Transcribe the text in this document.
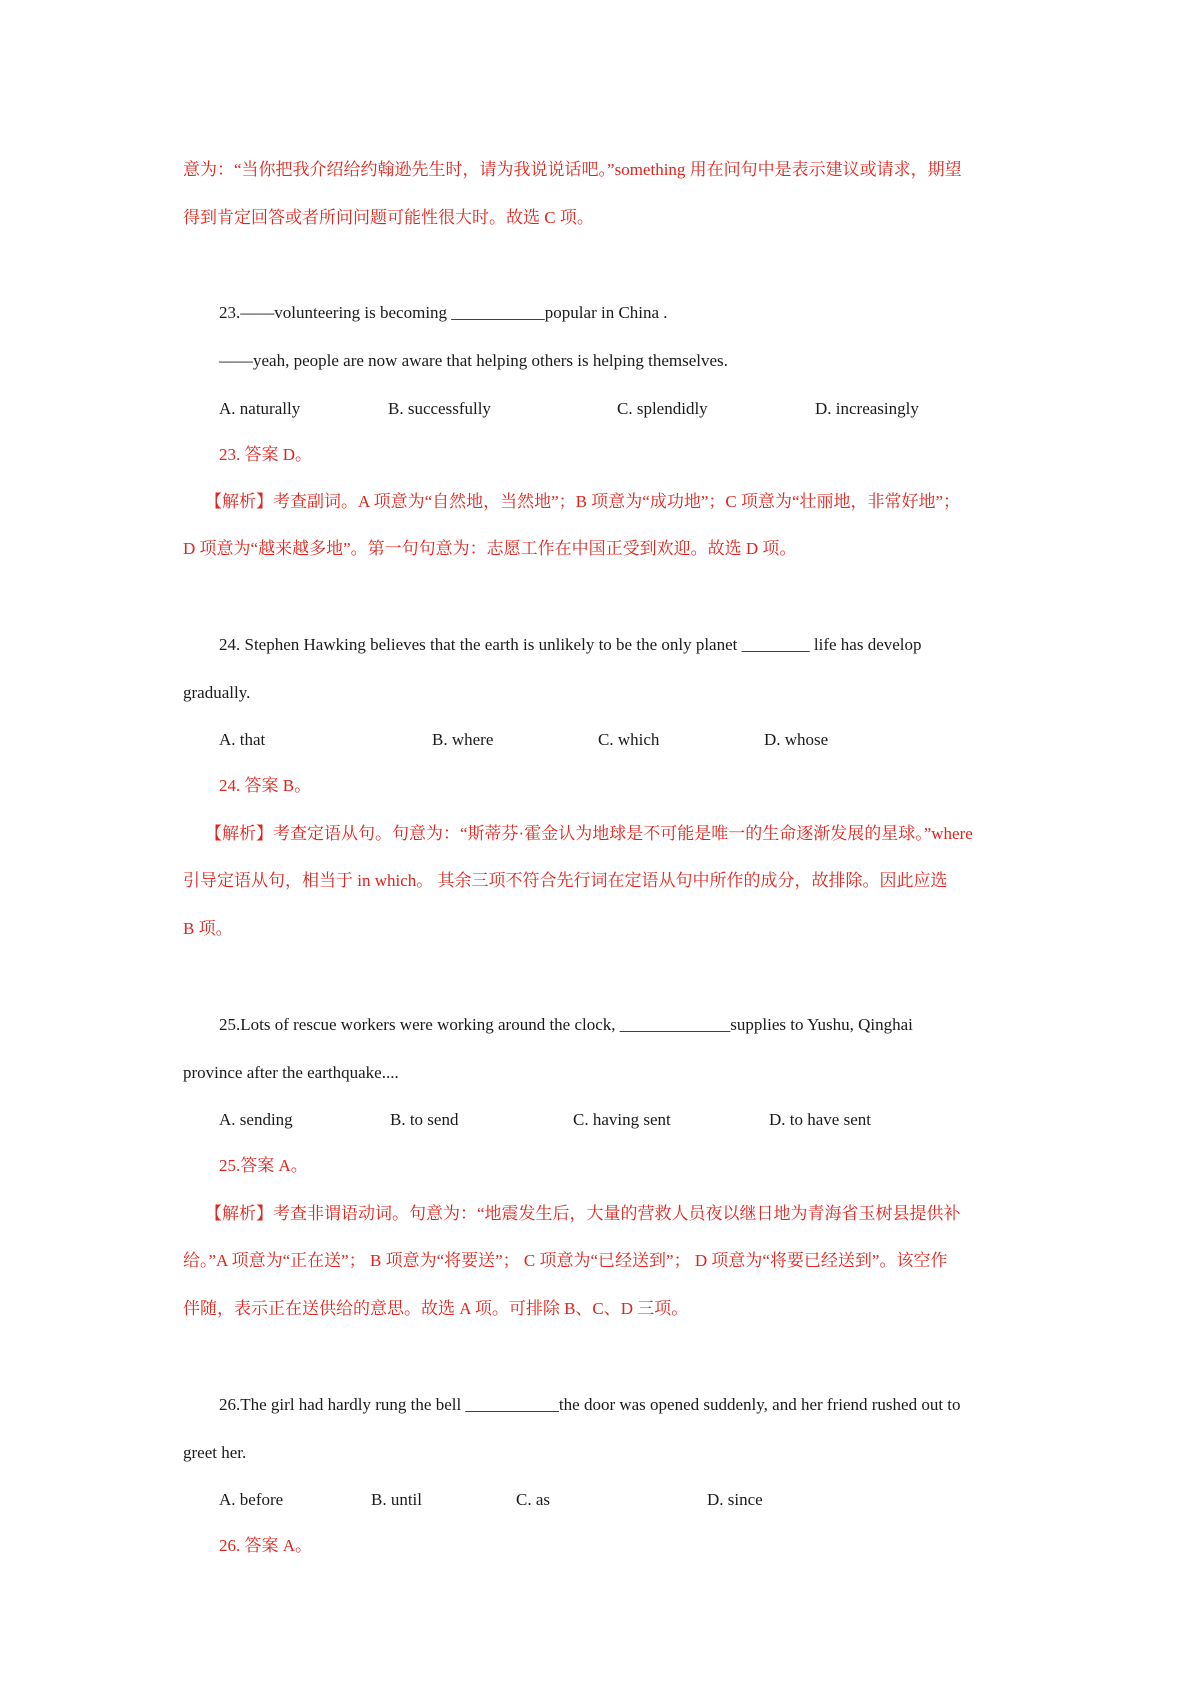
意为：“当你把我介绍给约翰逊先生时，请为我说说话吧。”something 用在问句中是表示建议或请求，期望
得到肯定回答或者所问问题可能性很大时。故选 C 项。
23.——volunteering is becoming ___________popular in China .
——yeah, people are now aware that helping others is helping themselves.
A. naturally	B. successfully	C. splendidly	D. increasingly
23. 答案 D。
【解析】考查副词。A 项意为“自然地，当然地”；B 项意为“成功地”；C 项意为“壮丽地，非常好地”；
D 项意为“越来越多地”。第一句句意为：志愿工作在中国正受到欢迎。故选 D 项。
24. Stephen Hawking believes that the earth is unlikely to be the only planet ________ life has develop
gradually.
A. that	B. where	C. which	D. whose
24. 答案 B。
【解析】考查定语从句。句意为：“斯蒂芬·霍金认为地球是不可能是唯一的生命逐渐发展的星球。”where
引导定语从句，相当于 in which。 其余三项不符合先行词在定语从句中所作的成分，故排除。因此应选
B 项。
25.Lots of rescue workers were working around the clock, _____________supplies to Yushu, Qinghai
province after the earthquake....
A. sending	B. to send	C. having sent	D. to have sent
25.答案 A。
【解析】考查非谓语动词。句意为：“地震发生后，大量的营救人员夜以继日地为青海省玉树县提供补
给。”A 项意为“正在送”； B 项意为“将要送”； C 项意为“已经送到”； D 项意为“将要已经送到”。该空作
伴随，表示正在送供给的意思。故选 A 项。可排除 B、C、D 三项。
26.The girl had hardly rung the bell ___________the door was opened suddenly, and her friend rushed out to
greet her.
A. before	B. until	C. as	D. since
26. 答案 A。
